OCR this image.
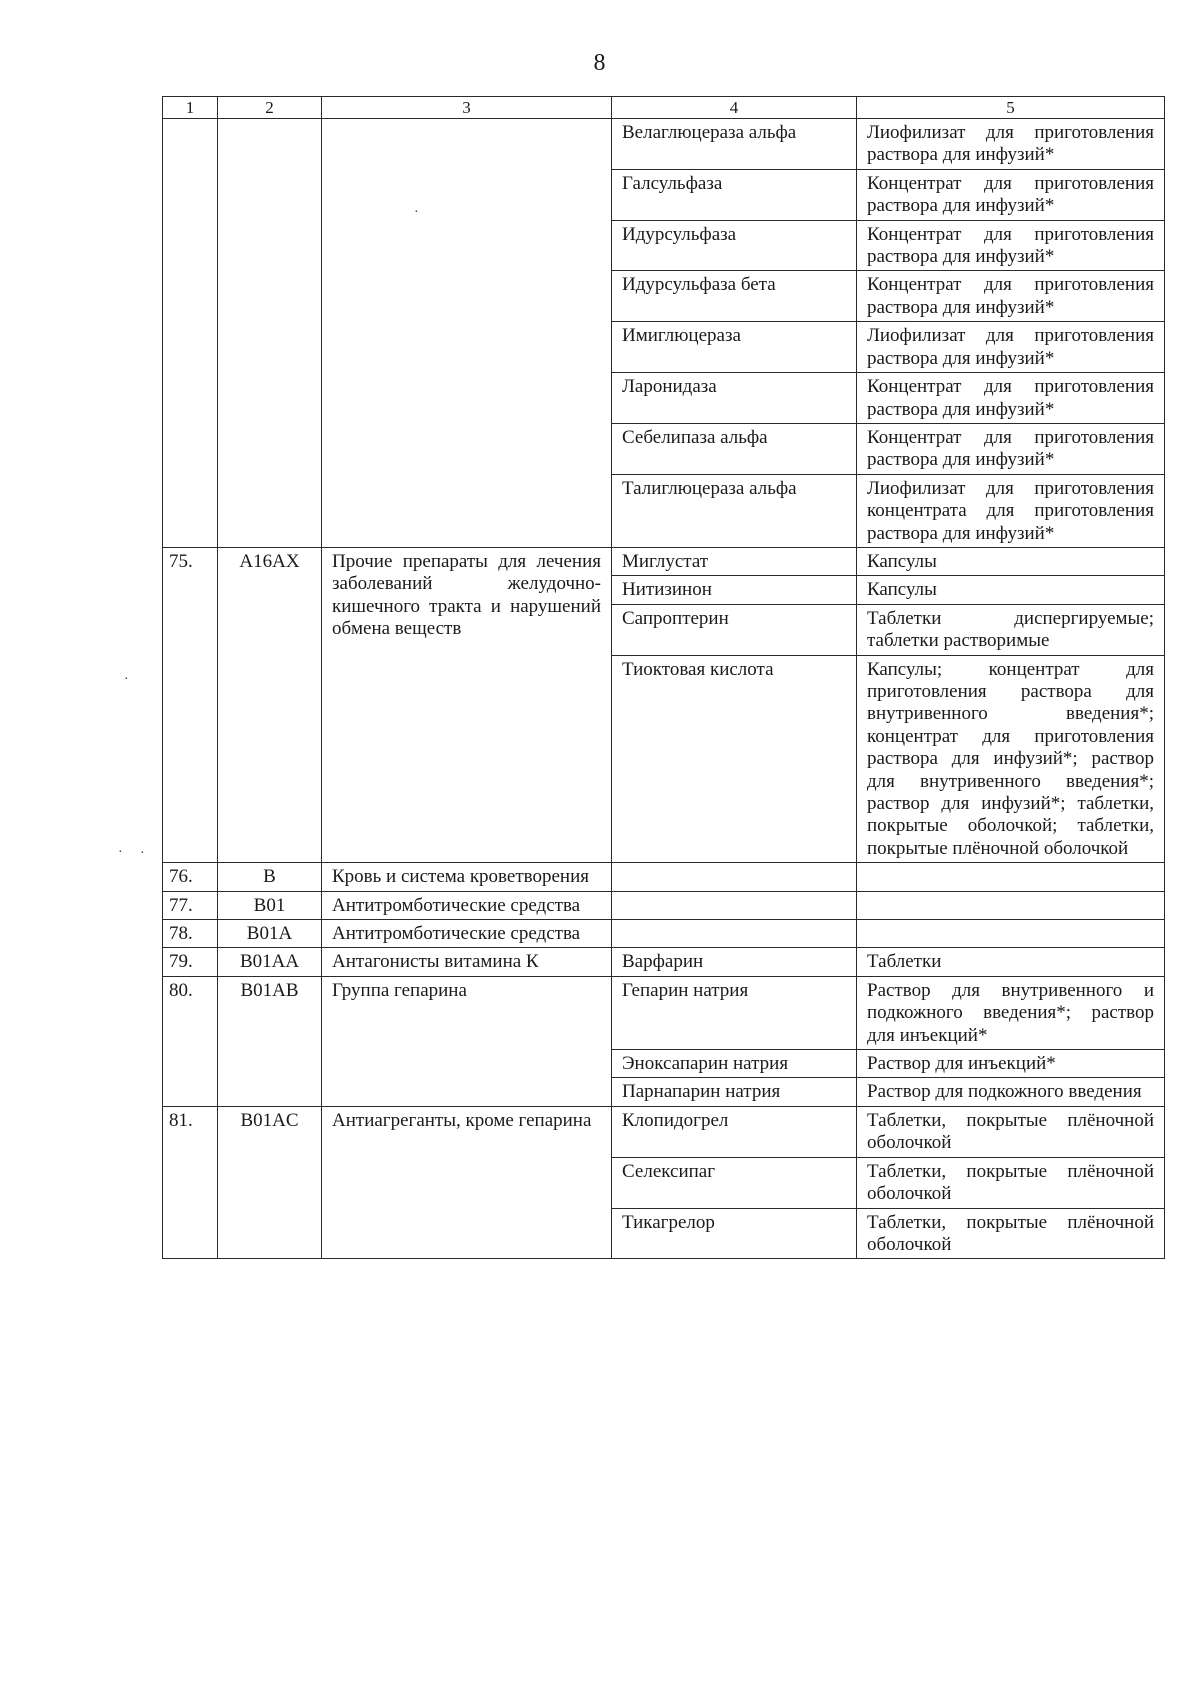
8
·
·
· ·
1	2	3	4	5
			Велаглюцераза альфа	Лиофилизат для приготовления раствора для инфузий*
			Галсульфаза	Концентрат для приготовления раствора для инфузий*
			Идурсульфаза	Концентрат для приготовления раствора для инфузий*
			Идурсульфаза бета	Концентрат для приготовления раствора для инфузий*
			Имиглюцераза	Лиофилизат для приготовления раствора для инфузий*
			Ларонидаза	Концентрат для приготовления раствора для инфузий*
			Себелипаза альфа	Концентрат для приготовления раствора для инфузий*
			Талиглюцераза альфа	Лиофилизат для приготовления концентрата для приготовления раствора для инфузий*
75.	A16AX	Прочие препараты для лечения заболеваний желудочно-кишечного тракта и нарушений обмена веществ	Миглустат	Капсулы
			Нитизинон	Капсулы
			Сапроптерин	Таблетки диспергируемые; таблетки растворимые
			Тиоктовая кислота	Капсулы; концентрат для приготовления раствора для внутривенного введения*; концентрат для приготовления раствора для инфузий*; раствор для внутривенного введения*; раствор для инфузий*; таблетки, покрытые оболочкой; таблетки, покрытые плёночной оболочкой
76.	B	Кровь и система кроветворения		
77.	B01	Антитромботические средства		
78.	B01A	Антитромботические средства		
79.	B01AA	Антагонисты витамина К	Варфарин	Таблетки
80.	B01AB	Группа гепарина	Гепарин натрия	Раствор для внутривенного и подкожного введения*; раствор для инъекций*
			Эноксапарин натрия	Раствор для инъекций*
			Парнапарин натрия	Раствор для подкожного введения
81.	B01AC	Антиагреганты, кроме гепарина	Клопидогрел	Таблетки, покрытые плёночной оболочкой
			Селексипаг	Таблетки, покрытые плёночной оболочкой
			Тикагрелор	Таблетки, покрытые плёночной оболочкой
